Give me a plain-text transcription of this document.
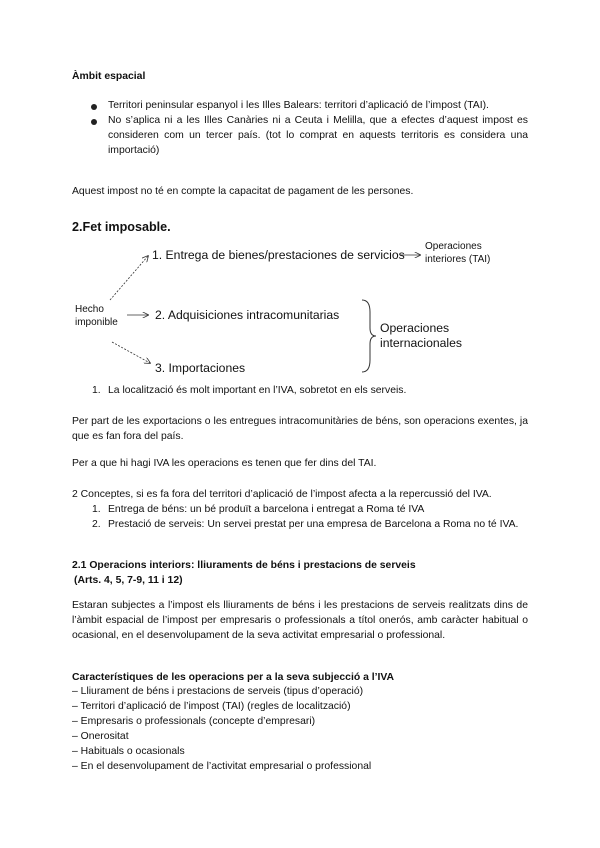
Àmbit espacial
Territori peninsular espanyol i les Illes Balears: territori d’aplicació de l’impost (TAI).
No s’aplica ni a les Illes Canàries ni a Ceuta i Melilla, que a efectes d’aquest impost es consideren com un tercer país. (tot lo comprat en aquests territoris es considera una importació)
Aquest impost no té en compte la capacitat de pagament de les persones.
2.Fet imposable.
Hecho imponible
1. Entrega de bienes/prestaciones de servicios
Operaciones interiores (TAI)
2. Adquisiciones intracomunitarias
3. Importaciones
Operaciones internacionales
1. La localització és molt important en l’IVA, sobretot en els serveis.
Per part de les exportacions o les entregues intracomunitàries de béns, son operacions exentes, ja que es fan fora del país.
Per a que hi hagi IVA les operacions es tenen que fer dins del TAI.
2 Conceptes, si es fa fora del territori d’aplicació de l’impost afecta a la repercussió del IVA.
1. Entrega de béns: un bé produït a barcelona i entregat a Roma té IVA
2. Prestació de serveis: Un servei prestat per una empresa de Barcelona a Roma no té IVA.
2.1 Operacions interiors: lliuraments de béns i prestacions de serveis
(Arts. 4, 5, 7-9, 11 i 12)
Estaran subjectes a l’impost els lliuraments de béns i les prestacions de serveis realitzats dins de l’àmbit espacial de l’impost per empresaris o professionals a títol onerós, amb caràcter habitual o ocasional, en el desenvolupament de la seva activitat empresarial o professional.
Característiques de les operacions per a la seva subjecció a l’IVA
– Lliurament de béns i prestacions de serveis (tipus d’operació)
– Territori d’aplicació de l’impost (TAI) (regles de localització)
– Empresaris o professionals (concepte d’empresari)
– Onerositat
– Habituals o ocasionals
– En el desenvolupament de l’activitat empresarial o professional
